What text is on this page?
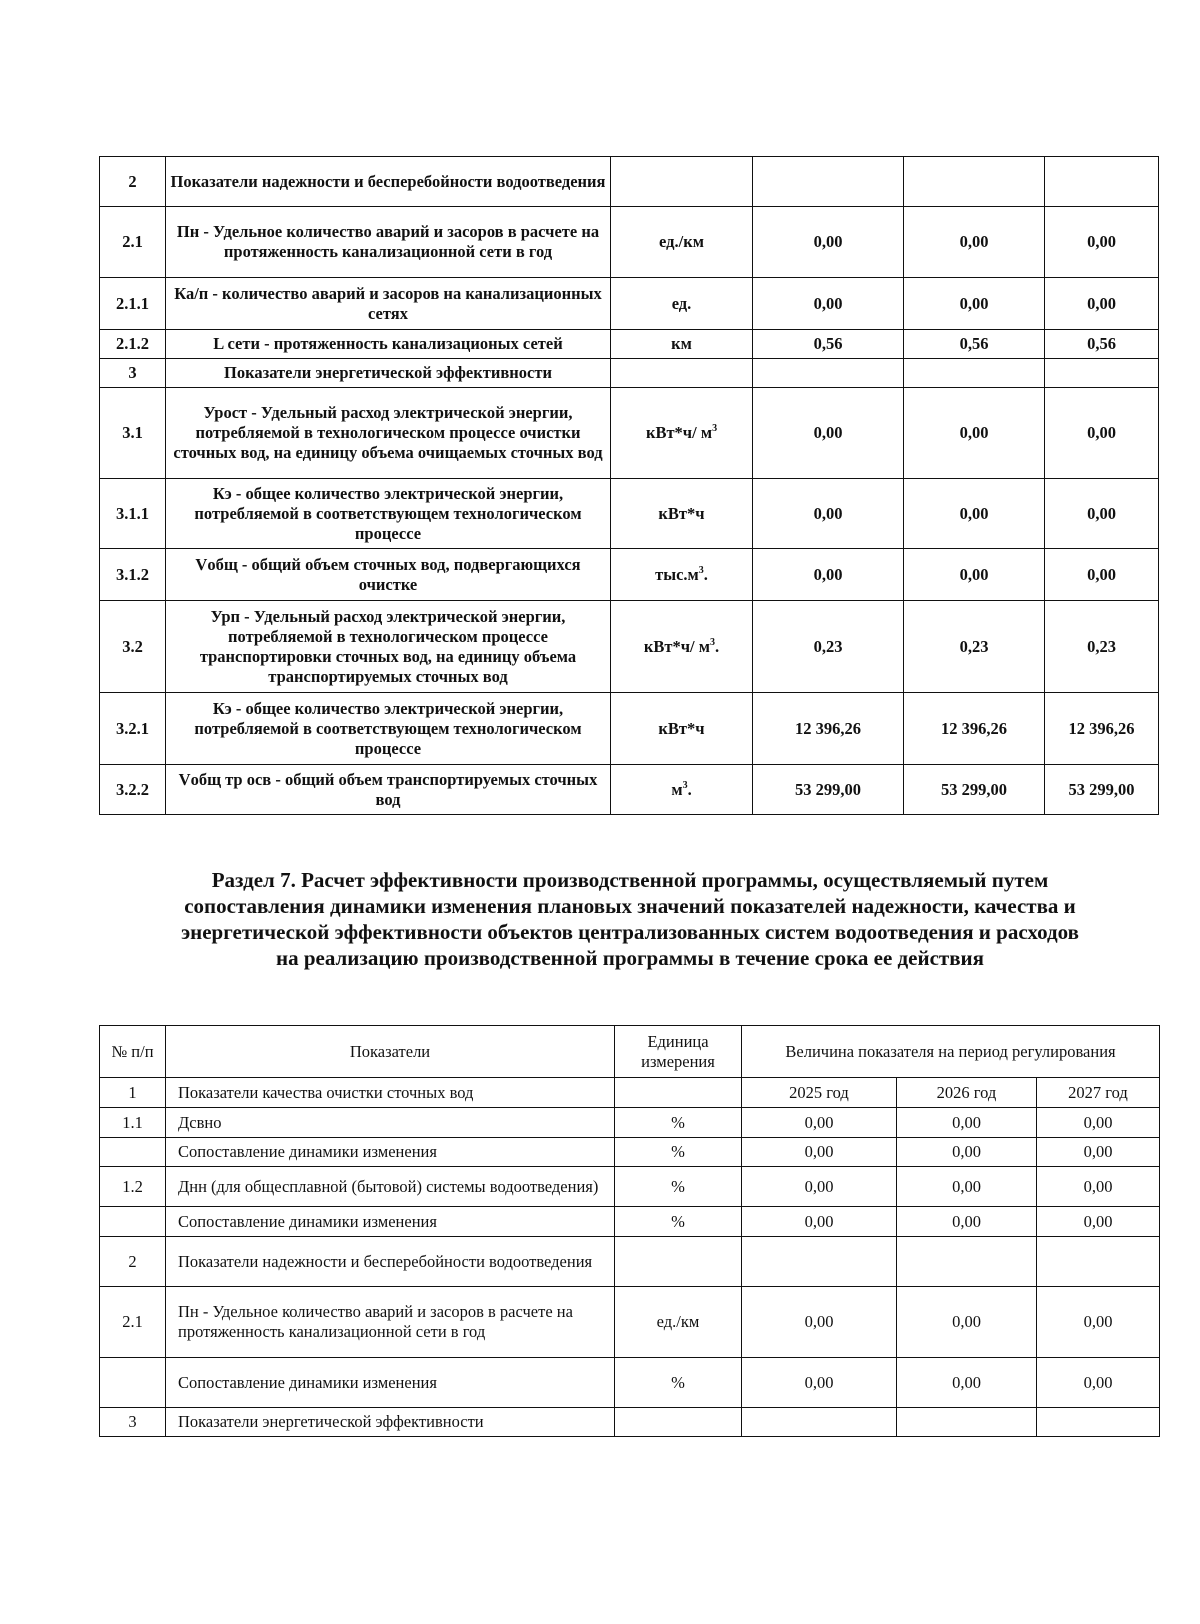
2	Показатели надежности и бесперебойности водоотведения				
2.1	Пн - Удельное количество аварий и засоров в расчете на протяженность канализационной сети в год	ед./км	0,00	0,00	0,00
2.1.1	Ка/п - количество аварий и засоров на канализационных сетях	ед.	0,00	0,00	0,00
2.1.2	L сети - протяженность канализационых сетей	км	0,56	0,56	0,56
3	Показатели энергетической эффективности				
3.1	Урост - Удельный расход электрической энергии, потребляемой в технологическом процессе очистки сточных вод, на единицу объема очищаемых сточных вод	кВт*ч/ $м^3$	0,00	0,00	0,00
3.1.1	Кэ - общее количество электрической энергии, потребляемой в соответствующем технологическом процессе	кВт*ч	0,00	0,00	0,00
3.1.2	Vобщ - общий объем сточных вод, подвергающихся очистке	$тыс.м^3$.	0,00	0,00	0,00
3.2	Урп - Удельный расход электрической энергии, потребляемой в технологическом процессе транспортировки сточных вод, на единицу объема транспортируемых сточных вод	кВт*ч/ $м^3$.	0,23	0,23	0,23
3.2.1	Кэ - общее количество электрической энергии, потребляемой в соответствующем технологическом процессе	кВт*ч	12 396,26	12 396,26	12 396,26
3.2.2	Vобщ тр осв - общий объем транспортируемых сточных вод	$м^3$.	53 299,00	53 299,00	53 299,00
Раздел 7. Расчет эффективности производственной программы, осуществляемый путем
сопоставления динамики изменения плановых значений показателей надежности, качества и
энергетической эффективности объектов централизованных систем водоотведения и расходов
на реализацию производственной программы в течение срока ее действия
№ п/п	Показатели	Единица измерения	Величина показателя на период регулирования		
1	Показатели качества очистки сточных вод		2025 год	2026 год	2027 год
1.1	Дсвно	%	0,00	0,00	0,00
	Сопоставление динамики изменения	%	0,00	0,00	0,00
1.2	Днн (для общесплавной (бытовой) системы водоотведения)	%	0,00	0,00	0,00
	Сопоставление динамики изменения	%	0,00	0,00	0,00
2	Показатели надежности и бесперебойности водоотведения				
2.1	Пн - Удельное количество аварий и засоров в расчете на протяженность канализационной сети в год	ед./км	0,00	0,00	0,00
	Сопоставление динамики изменения	%	0,00	0,00	0,00
3	Показатели энергетической эффективности				
